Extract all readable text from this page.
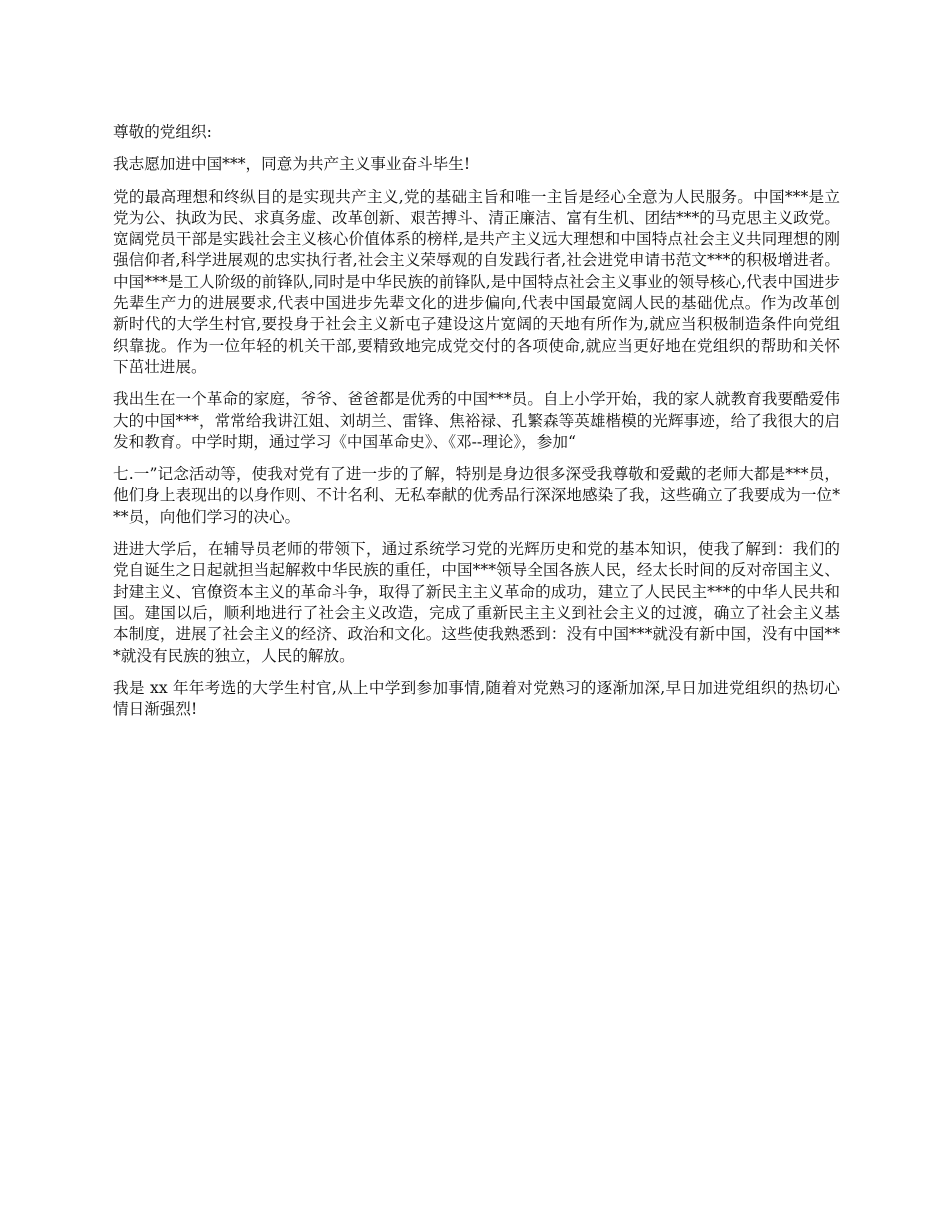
尊敬的党组织:

我志愿加进中国***，同意为共产主义事业奋斗毕生!

党的最高理想和终纵目的是实现共产主义,党的基础主旨和唯一主旨是经心全意为人民服务。中国***是立党为公、执政为民、求真务虚、改革创新、艰苦搏斗、清正廉洁、富有生机、团结***的马克思主义政党。宽阔党员干部是实践社会主义核心价值体系的榜样,是共产主义远大理想和中国特点社会主义共同理想的刚强信仰者,科学进展观的忠实执行者,社会主义荣辱观的自发践行者,社会进党申请书范文***的积极增进者。中国***是工人阶级的前锋队,同时是中华民族的前锋队,是中国特点社会主义事业的领导核心,代表中国进步先辈生产力的进展要求,代表中国进步先辈文化的进步偏向,代表中国最宽阔人民的基础优点。作为改革创新时代的大学生村官,要投身于社会主义新屯子建设这片宽阔的天地有所作为,就应当积极制造条件向党组织靠拢。作为一位年轻的机关干部,要精致地完成党交付的各项使命,就应当更好地在党组织的帮助和关怀下茁壮进展。

我出生在一个革命的家庭，爷爷、爸爸都是优秀的中国***员。自上小学开始，我的家人就教育我要酷爱伟大的中国***，常常给我讲江姐、刘胡兰、雷锋、焦裕禄、孔繁森等英雄楷模的光辉事迹，给了我很大的启发和教育。中学时期，通过学习《中国革命史》、《邓--理论》，参加“

七.一”记念活动等，使我对党有了进一步的了解，特别是身边很多深受我尊敬和爱戴的老师大都是***员，他们身上表现出的以身作则、不计名利、无私奉献的优秀品行深深地感染了我，这些确立了我要成为一位***员，向他们学习的决心。

进进大学后，在辅导员老师的带领下，通过系统学习党的光辉历史和党的基本知识，使我了解到：我们的党自诞生之日起就担当起解救中华民族的重任，中国***领导全国各族人民，经太长时间的反对帝国主义、封建主义、官僚资本主义的革命斗争，取得了新民主主义革命的成功，建立了人民民主***的中华人民共和国。建国以后，顺利地进行了社会主义改造，完成了重新民主主义到社会主义的过渡，确立了社会主义基本制度，进展了社会主义的经济、政治和文化。这些使我熟悉到：没有中国***就没有新中国，没有中国***就没有民族的独立，人民的解放。

我是 xx 年年考选的大学生村官,从上中学到参加事情,随着对党熟习的逐渐加深,早日加进党组织的热切心情日渐强烈!
